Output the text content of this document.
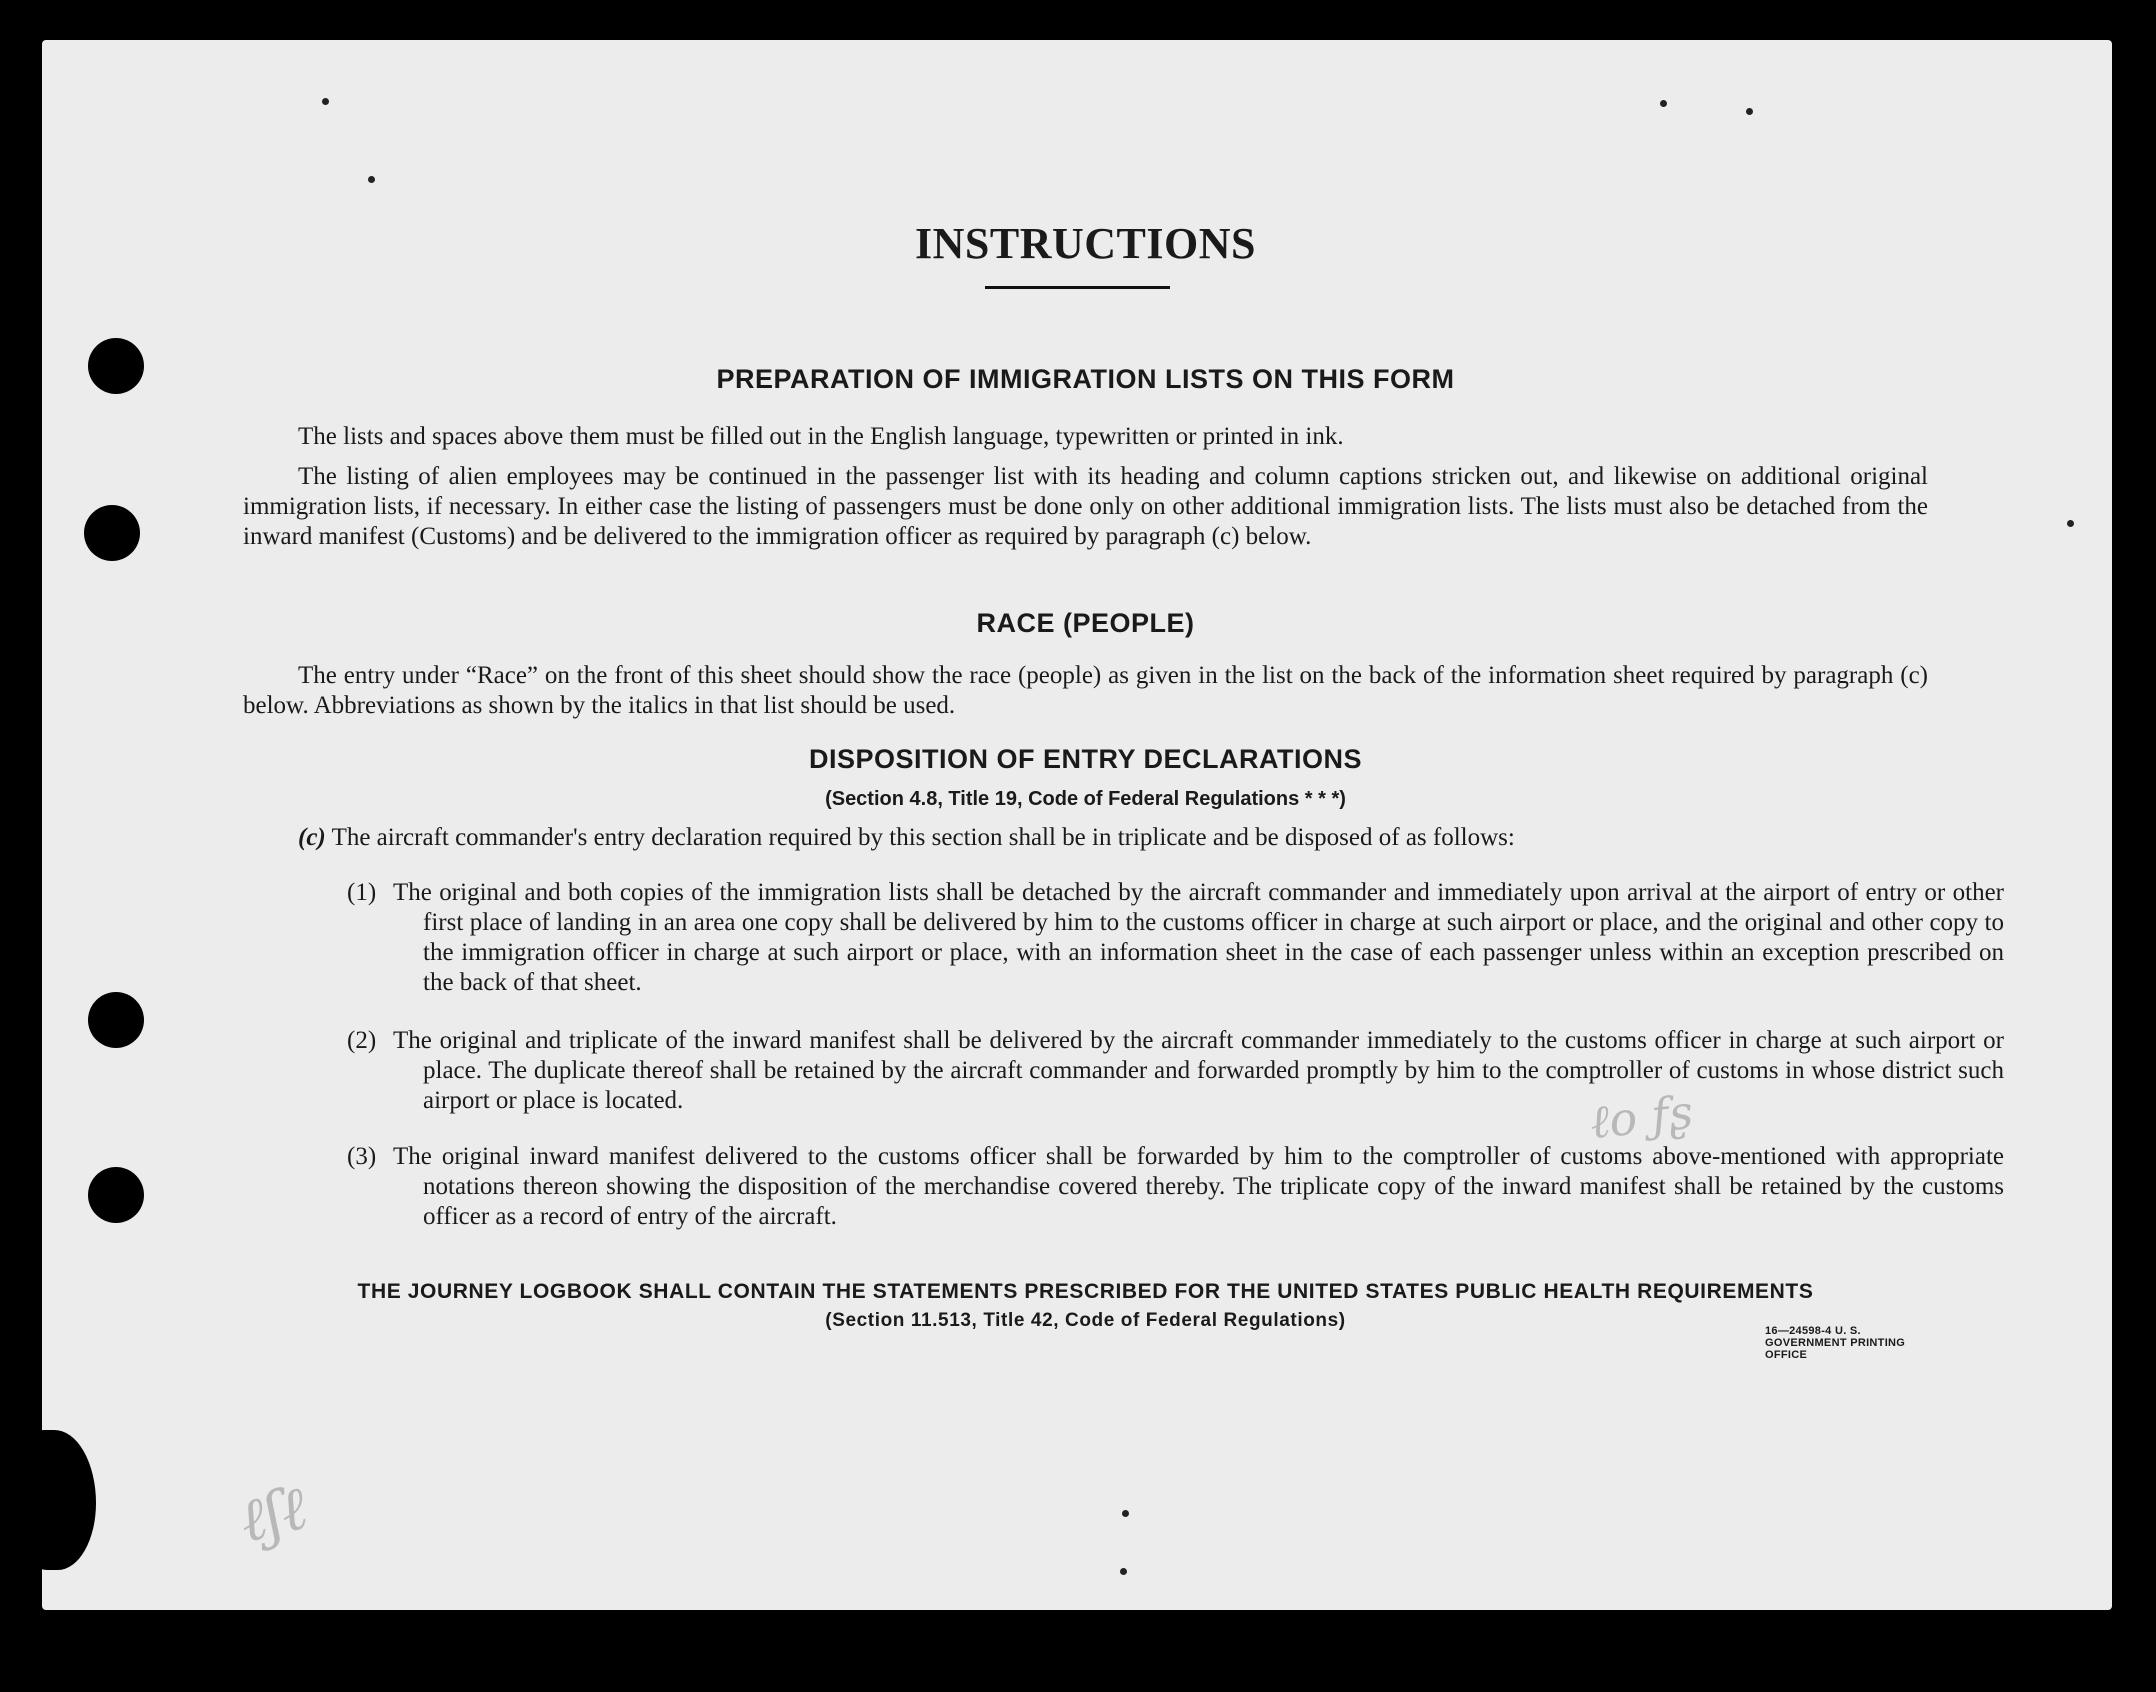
ℓο ƒʂ
ℓʃℓ
INSTRUCTIONS
PREPARATION OF IMMIGRATION LISTS ON THIS FORM

The lists and spaces above them must be filled out in the English language, typewritten or printed in ink.

The listing of alien employees may be continued in the passenger list with its heading and column captions stricken out, and likewise on additional original immigration lists, if necessary. In either case the listing of passengers must be done only on other additional immigration lists. The lists must also be detached from the inward manifest (Customs) and be delivered to the immigration officer as required by paragraph (c) below.

RACE (PEOPLE)

The entry under “Race” on the front of this sheet should show the race (people) as given in the list on the back of the information sheet required by paragraph (c) below. Abbreviations as shown by the italics in that list should be used.

DISPOSITION OF ENTRY DECLARATIONS
(Section 4.8, Title 19, Code of Federal Regulations * * *)

(c) The aircraft commander's entry declaration required by this section shall be in triplicate and be disposed of as follows:

(1) The original and both copies of the immigration lists shall be detached by the aircraft commander and immediately upon arrival at the airport of entry or other first place of landing in an area one copy shall be delivered by him to the customs officer in charge at such airport or place, and the original and other copy to the immigration officer in charge at such airport or place, with an information sheet in the case of each passenger unless within an exception prescribed on the back of that sheet.

(2) The original and triplicate of the inward manifest shall be delivered by the aircraft commander immediately to the customs officer in charge at such airport or place. The duplicate thereof shall be retained by the aircraft commander and forwarded promptly by him to the comptroller of customs in whose district such airport or place is located.

(3) The original inward manifest delivered to the customs officer shall be forwarded by him to the comptroller of customs above-mentioned with appropriate notations thereon showing the disposition of the merchandise covered thereby. The triplicate copy of the inward manifest shall be retained by the customs officer as a record of entry of the aircraft.

THE JOURNEY LOGBOOK SHALL CONTAIN THE STATEMENTS PRESCRIBED FOR THE UNITED STATES PUBLIC HEALTH REQUIREMENTS
(Section 11.513, Title 42, Code of Federal Regulations)	16—24598-4 U. S. GOVERNMENT PRINTING OFFICE
